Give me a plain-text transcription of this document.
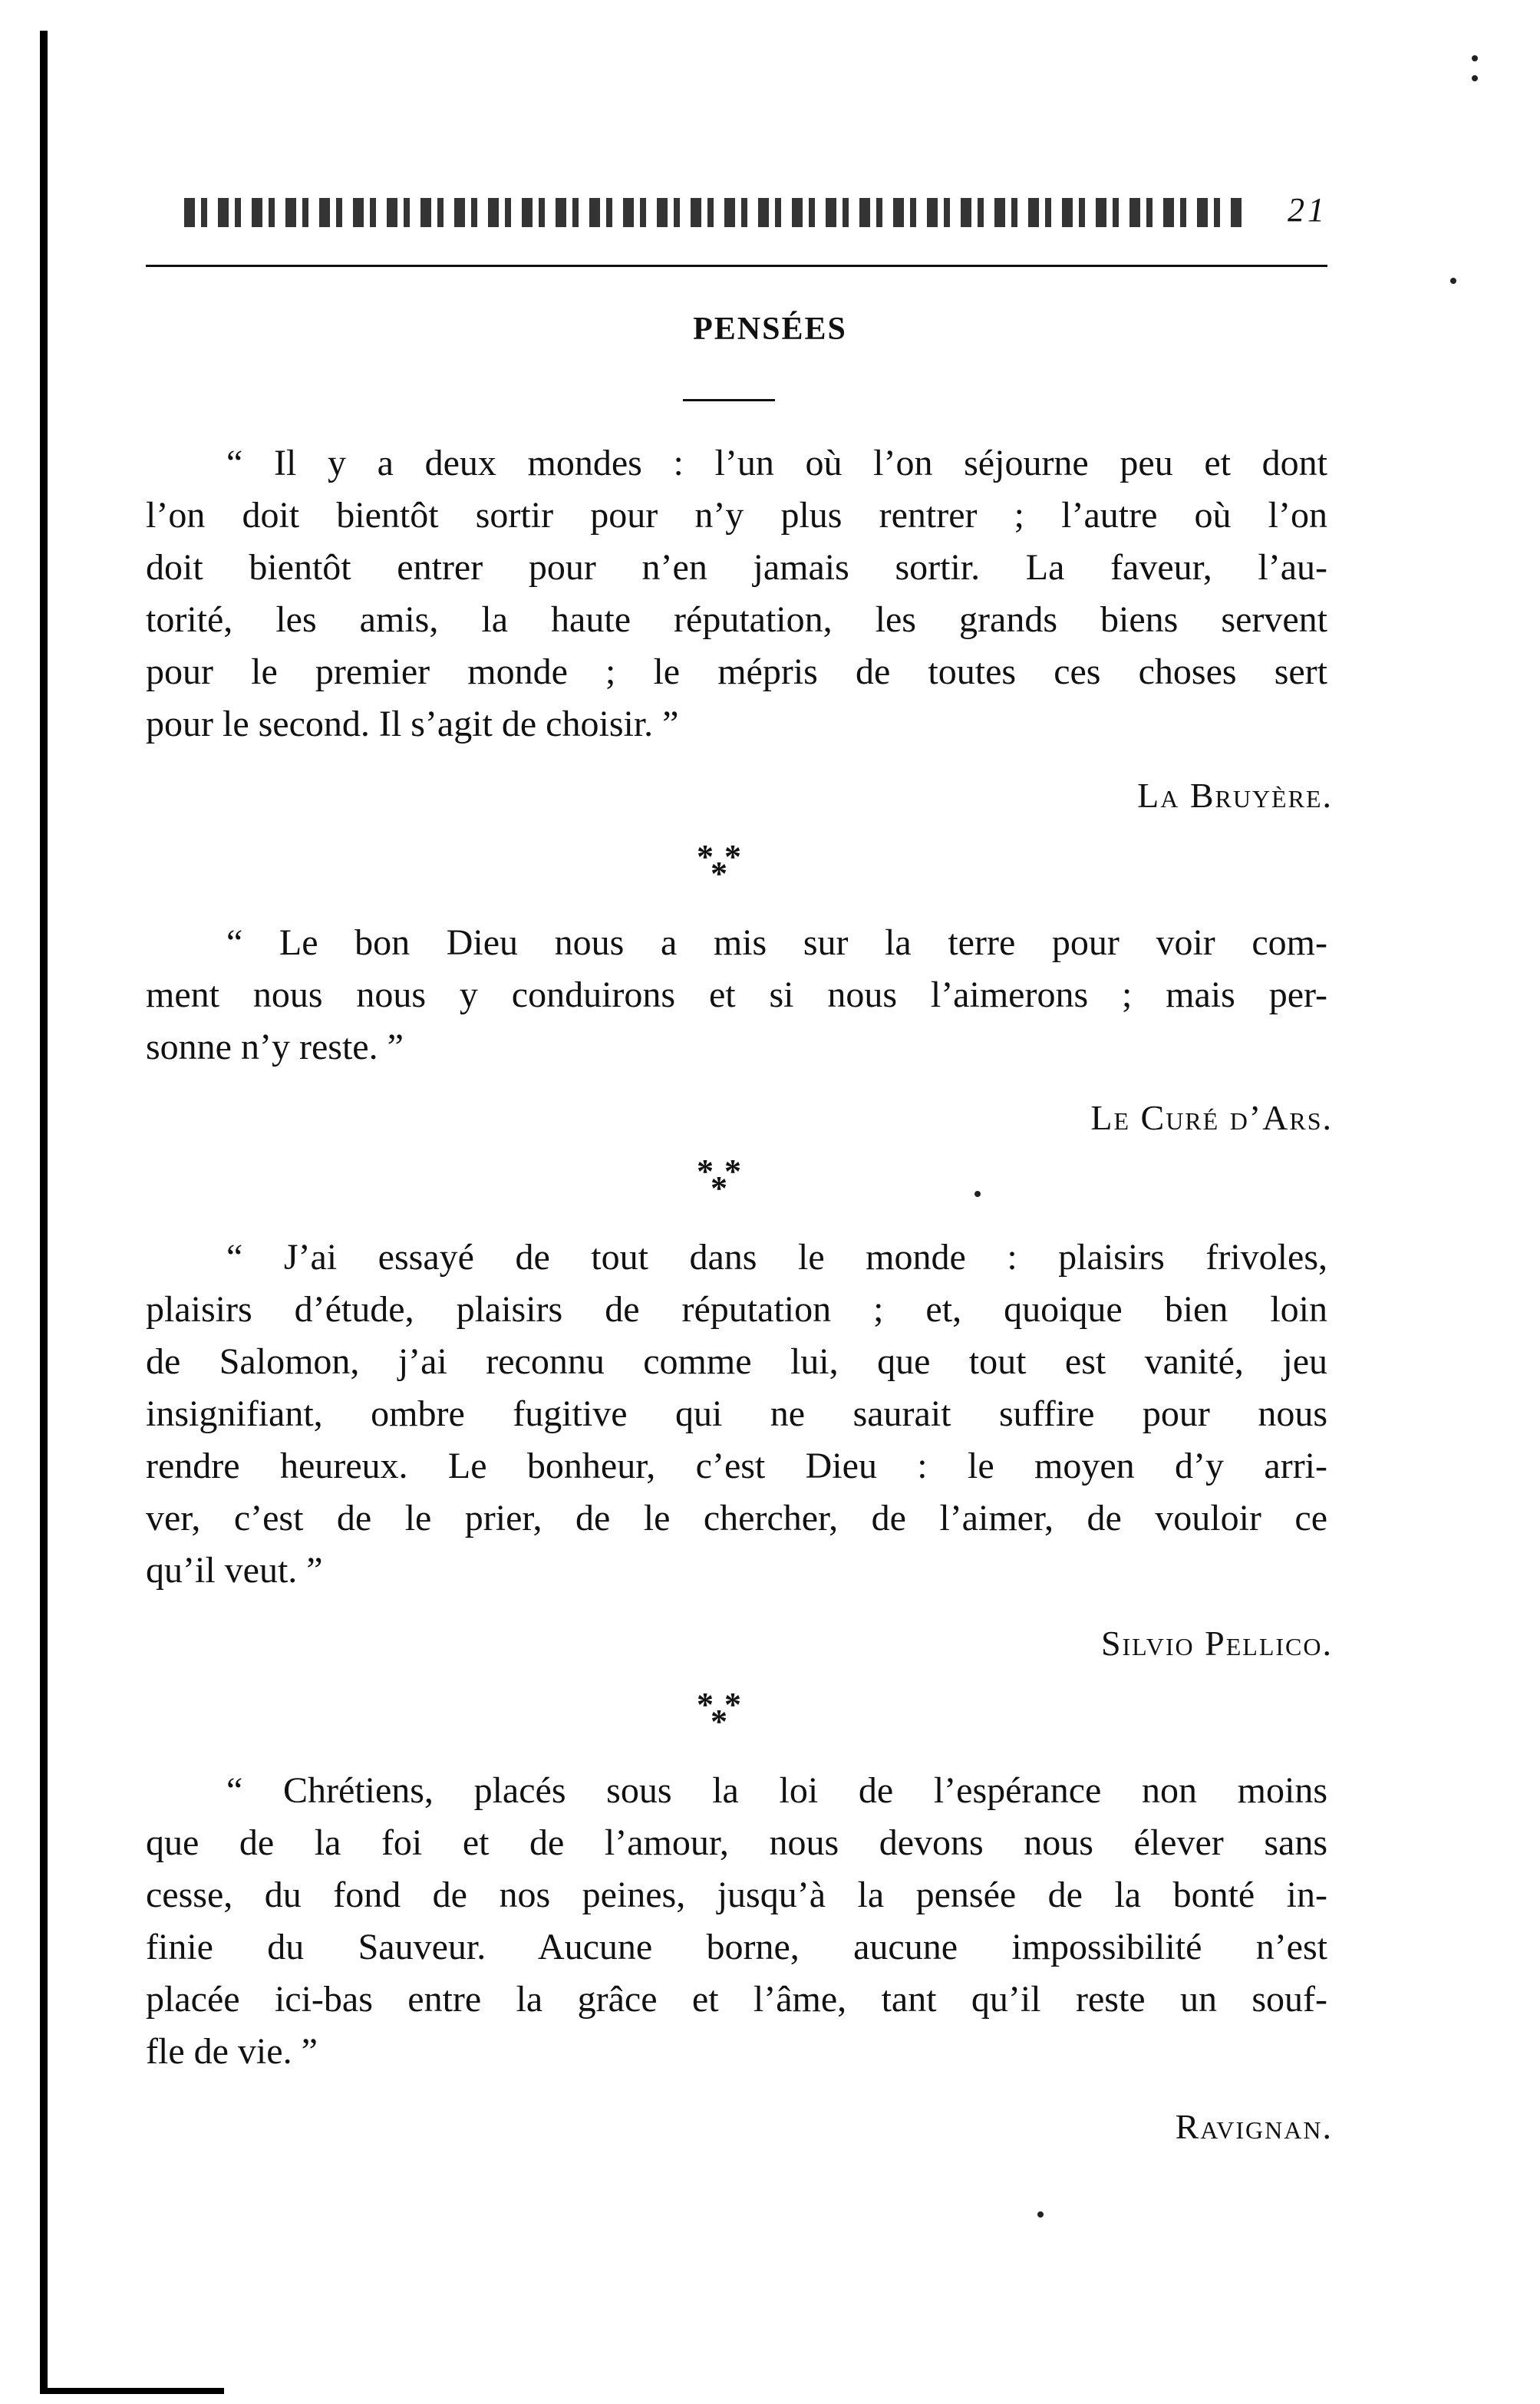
21
PENSÉES
“ Il y a deux mondes : l’un où l’on séjourne peu et dont
l’on doit bientôt sortir pour n’y plus rentrer ; l’autre où l’on
doit bientôt entrer pour n’en jamais sortir. La faveur, l’au-
torité, les amis, la haute réputation, les grands biens servent
pour le premier monde ; le mépris de toutes ces choses sert
pour le second. Il s’agit de choisir. ”
La Bruyère.
* *
*
“ Le bon Dieu nous a mis sur la terre pour voir com-
ment nous nous y conduirons et si nous l’aimerons ; mais per-
sonne n’y reste. ”
Le Curé d’Ars.
* *
*
“ J’ai essayé de tout dans le monde : plaisirs frivoles,
plaisirs d’étude, plaisirs de réputation ; et, quoique bien loin
de Salomon, j’ai reconnu comme lui, que tout est vanité, jeu
insignifiant, ombre fugitive qui ne saurait suffire pour nous
rendre heureux. Le bonheur, c’est Dieu : le moyen d’y arri-
ver, c’est de le prier, de le chercher, de l’aimer, de vouloir ce
qu’il veut. ”
Silvio Pellico.
* *
*
“ Chrétiens, placés sous la loi de l’espérance non moins
que de la foi et de l’amour, nous devons nous élever sans
cesse, du fond de nos peines, jusqu’à la pensée de la bonté in-
finie du Sauveur. Aucune borne, aucune impossibilité n’est
placée ici-bas entre la grâce et l’âme, tant qu’il reste un souf-
fle de vie. ”
Ravignan.
